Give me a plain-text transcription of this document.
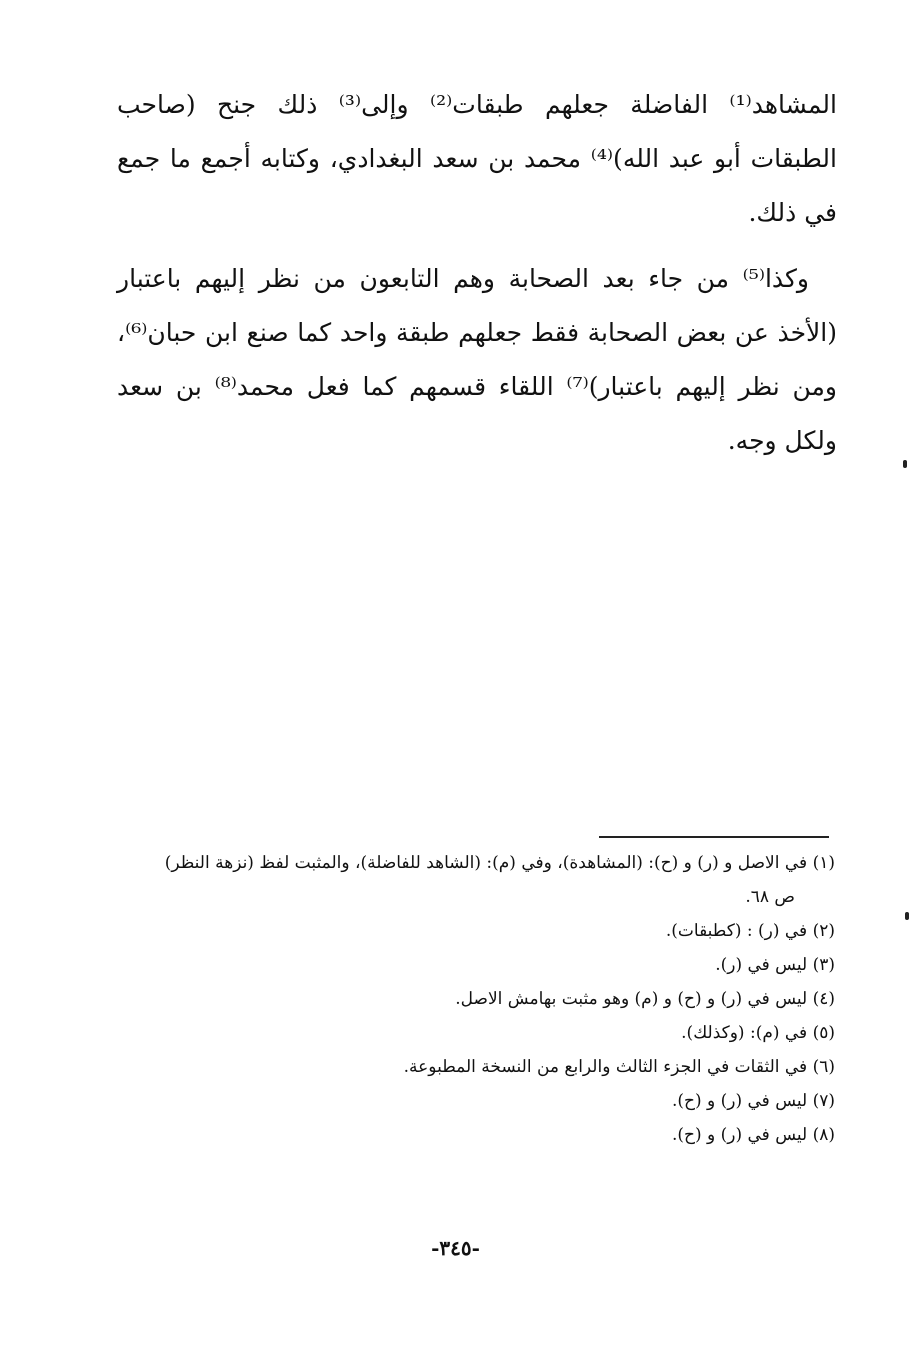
المشاهد⁽¹⁾ الفاضلة جعلهم طبقات⁽²⁾ وإلى⁽³⁾ ذلك جنح (صاحب الطبقات أبو عبد الله)⁽⁴⁾ محمد بن سعد البغدادي، وكتابه أجمع ما جمع في ذلك.

وكذا⁽⁵⁾ من جاء بعد الصحابة وهم التابعون من نظر إليهم باعتبار (الأخذ عن بعض الصحابة فقط جعلهم طبقة واحد كما صنع ابن حبان⁽⁶⁾، ومن نظر إليهم باعتبار)⁽⁷⁾ اللقاء قسمهم كما فعل محمد⁽⁸⁾ بن سعد ولكل وجه.

(١) في الاصل و (ر) و (ح): (المشاهدة)، وفي (م): (الشاهد للفاضلة)، والمثبت لفظ (نزهة النظر)

ص ٦٨.

(٢) في (ر) : (كطبقات).

(٣) ليس في (ر).

(٤) ليس في (ر) و (ح) و (م) وهو مثبت بهامش الاصل.

(٥) في (م): (وكذلك).

(٦) في الثقات في الجزء الثالث والرابع من النسخة المطبوعة.

(٧) ليس في (ر) و (ح).

(٨) ليس في (ر) و (ح).

-٣٤٥-
